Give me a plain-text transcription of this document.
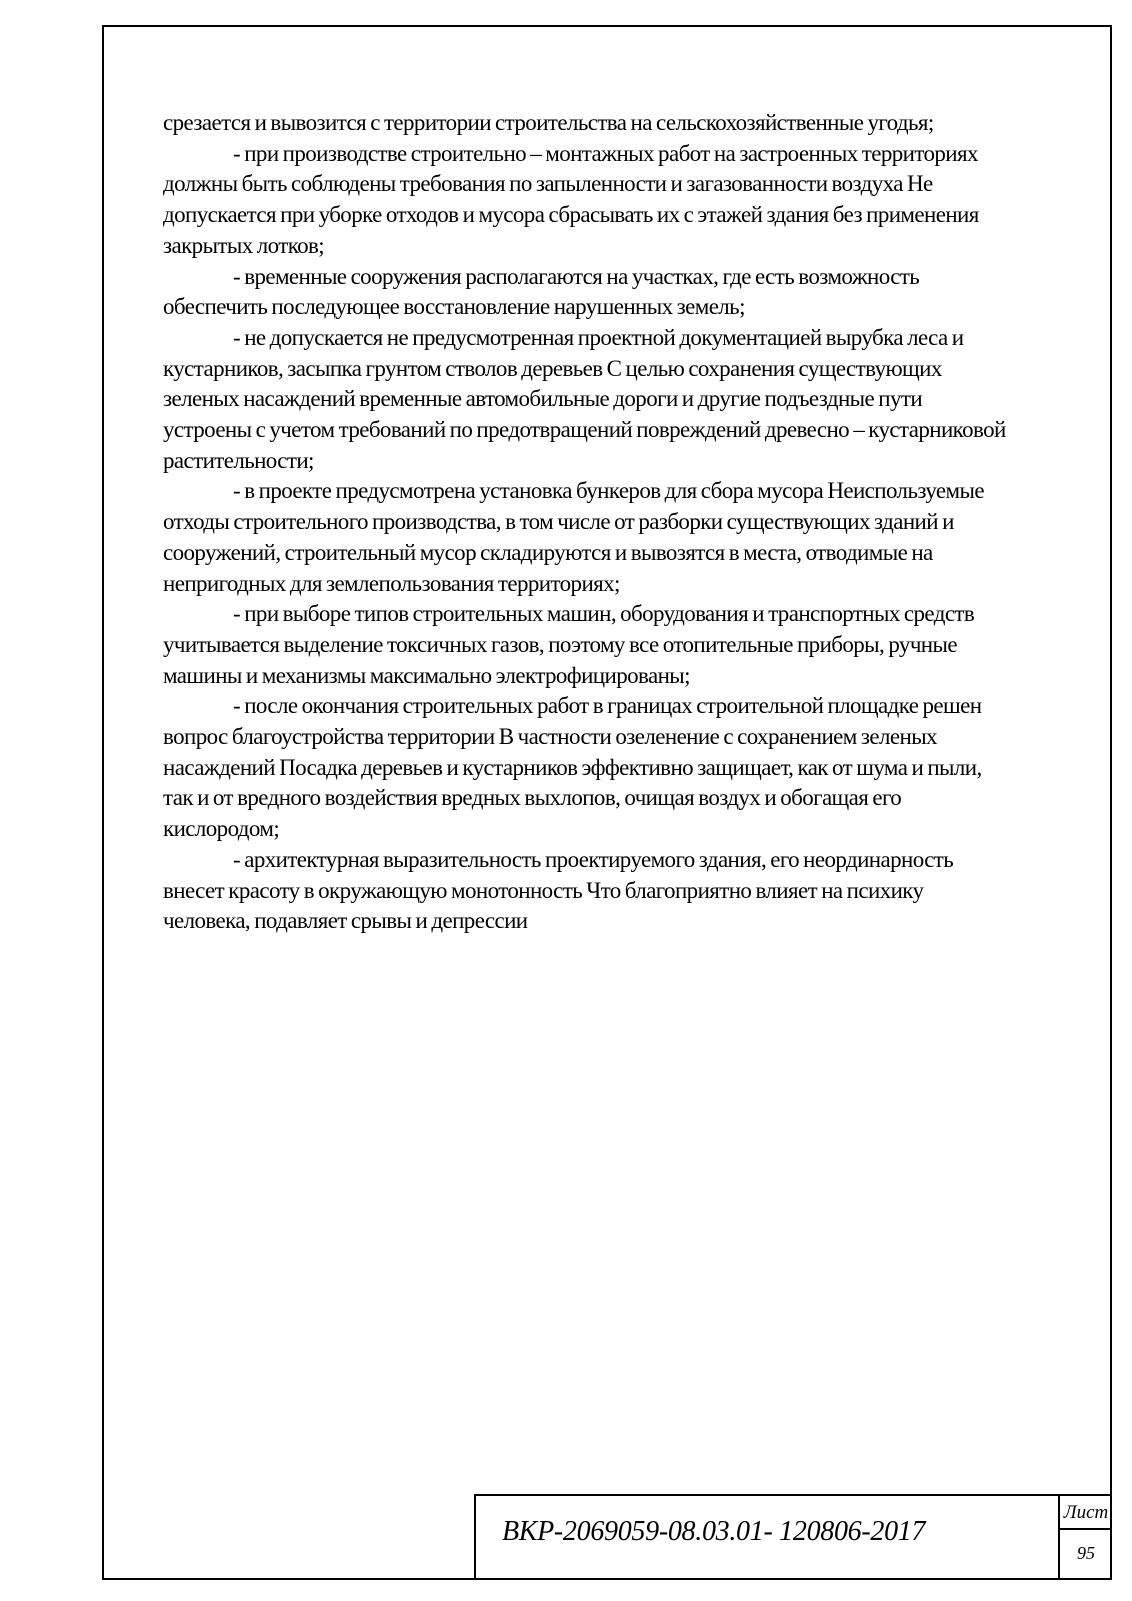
срезается и вывозится с территории строительства на сельскохозяйственные угодья;

- при производстве строительно – монтажных работ на застроенных территориях должны быть соблюдены требования по запыленности и загазованности воздуха Не допускается при уборке отходов и мусора сбрасывать их с этажей здания без применения закрытых лотков;

- временные сооружения располагаются на участках, где есть возможность обеспечить последующее восстановление нарушенных земель;

- не допускается не предусмотренная проектной документацией вырубка леса и кустарников, засыпка грунтом стволов деревьев С целью сохранения существующих зеленых насаждений временные автомобильные дороги и другие подъездные пути устроены с учетом требований по предотвращений повреждений древесно – кустарниковой растительности;

- в проекте предусмотрена установка бункеров для сбора мусора Неиспользуемые отходы строительного производства, в том числе от разборки существующих зданий и сооружений, строительный мусор складируются и вывозятся в места, отводимые на непригодных для землепользования территориях;

- при выборе типов строительных машин, оборудования и транспортных средств учитывается выделение токсичных газов, поэтому все отопительные приборы, ручные машины и механизмы максимально электрофицированы;

- после окончания строительных работ в границах строительной площадке решен вопрос благоустройства территории В частности озеленение с сохранением зеленых насаждений Посадка деревьев и кустарников эффективно защищает, как от шума и пыли, так и от вредного воздействия вредных выхлопов, очищая воздух и обогащая его кислородом;

- архитектурная выразительность проектируемого здания, его неординарность внесет красоту в окружающую монотонность Что благоприятно влияет на психику человека, подавляет срывы и депрессии

ВКР-2069059-08.03.01- 120806-2017
Лист
95
